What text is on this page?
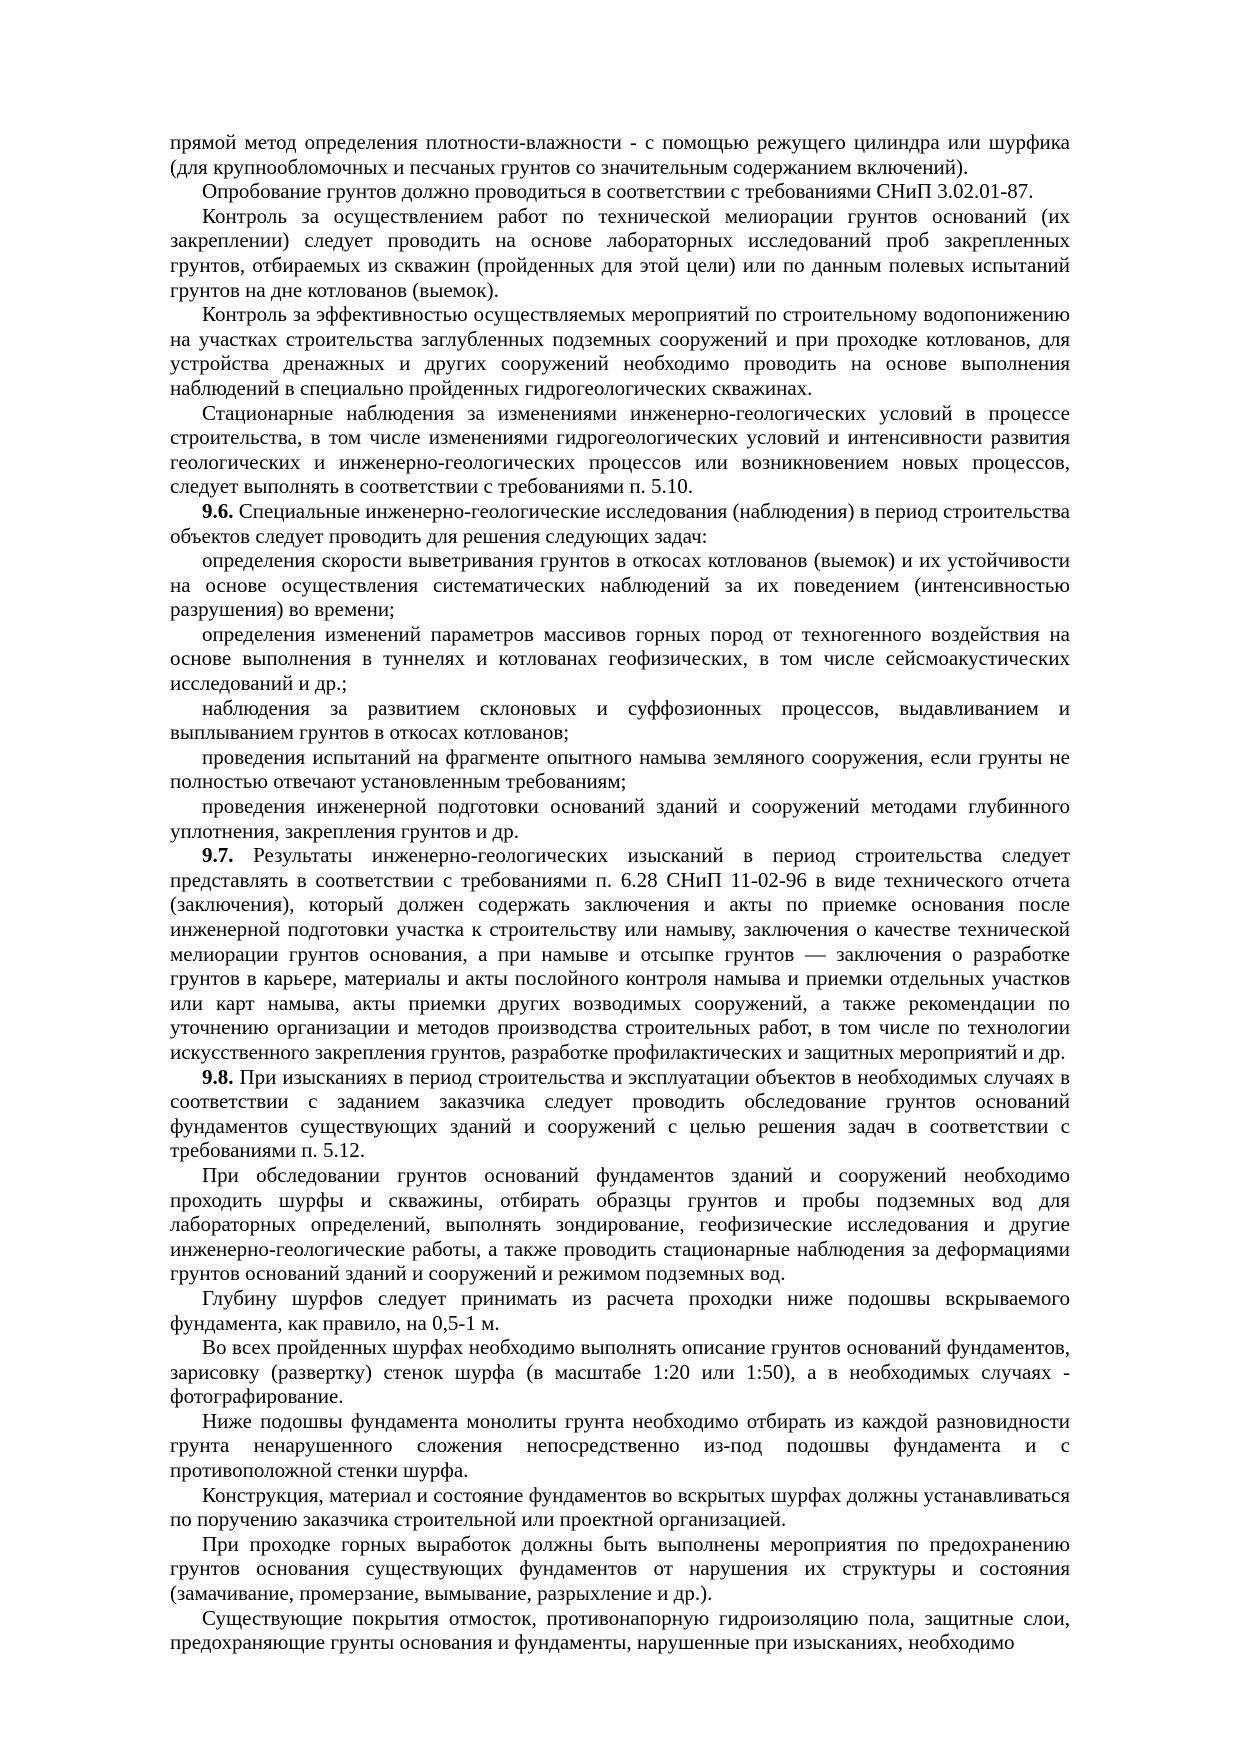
прямой метод определения плотности-влажности - с помощью режущего цилиндра или шурфика (для крупнообломочных и песчаных грунтов со значительным содержанием включений).

Опробование грунтов должно проводиться в соответствии с требованиями СНиП 3.02.01-87.

Контроль за осуществлением работ по технической мелиорации грунтов оснований (их закреплении) следует проводить на основе лабораторных исследований проб закрепленных грунтов, отбираемых из скважин (пройденных для этой цели) или по данным полевых испытаний грунтов на дне котлованов (выемок).

Контроль за эффективностью осуществляемых мероприятий по строительному водопонижению на участках строительства заглубленных подземных сооружений и при проходке котлованов, для устройства дренажных и других сооружений необходимо проводить на основе выполнения наблюдений в специально пройденных гидрогеологических скважинах.

Стационарные наблюдения за изменениями инженерно-геологических условий в процессе строительства, в том числе изменениями гидрогеологических условий и интенсивности развития геологических и инженерно-геологических процессов или возникновением новых процессов, следует выполнять в соответствии с требованиями п. 5.10.

9.6. Специальные инженерно-геологические исследования (наблюдения) в период строительства объектов следует проводить для решения следующих задач:

определения скорости выветривания грунтов в откосах котлованов (выемок) и их устойчивости на основе осуществления систематических наблюдений за их поведением (интенсивностью разрушения) во времени;

определения изменений параметров массивов горных пород от техногенного воздействия на основе выполнения в туннелях и котлованах геофизических, в том числе сейсмоакустических исследований и др.;

наблюдения за развитием склоновых и суффозионных процессов, выдавливанием и выплыванием грунтов в откосах котлованов;

проведения испытаний на фрагменте опытного намыва земляного сооружения, если грунты не полностью отвечают установленным требованиям;

проведения инженерной подготовки оснований зданий и сооружений методами глубинного уплотнения, закрепления грунтов и др.

9.7. Результаты инженерно-геологических изысканий в период строительства следует представлять в соответствии с требованиями п. 6.28 СНиП 11-02-96 в виде технического отчета (заключения), который должен содержать заключения и акты по приемке основания после инженерной подготовки участка к строительству или намыву, заключения о качестве технической мелиорации грунтов основания, а при намыве и отсыпке грунтов — заключения о разработке грунтов в карьере, материалы и акты послойного контроля намыва и приемки отдельных участков или карт намыва, акты приемки других возводимых сооружений, а также рекомендации по уточнению организации и методов производства строительных работ, в том числе по технологии искусственного закрепления грунтов, разработке профилактических и защитных мероприятий и др.

9.8. При изысканиях в период строительства и эксплуатации объектов в необходимых случаях в соответствии с заданием заказчика следует проводить обследование грунтов оснований фундаментов существующих зданий и сооружений с целью решения задач в соответствии с требованиями п. 5.12.

При обследовании грунтов оснований фундаментов зданий и сооружений необходимо проходить шурфы и скважины, отбирать образцы грунтов и пробы подземных вод для лабораторных определений, выполнять зондирование, геофизические исследования и другие инженерно-геологические работы, а также проводить стационарные наблюдения за деформациями грунтов оснований зданий и сооружений и режимом подземных вод.

Глубину шурфов следует принимать из расчета проходки ниже подошвы вскрываемого фундамента, как правило, на 0,5-1 м.

Во всех пройденных шурфах необходимо выполнять описание грунтов оснований фундаментов, зарисовку (развертку) стенок шурфа (в масштабе 1:20 или 1:50), а в необходимых случаях - фотографирование.

Ниже подошвы фундамента монолиты грунта необходимо отбирать из каждой разновидности грунта ненарушенного сложения непосредственно из-под подошвы фундамента и с противоположной стенки шурфа.

Конструкция, материал и состояние фундаментов во вскрытых шурфах должны устанавливаться по поручению заказчика строительной или проектной организацией.

При проходке горных выработок должны быть выполнены мероприятия по предохранению грунтов основания существующих фундаментов от нарушения их структуры и состояния (замачивание, промерзание, вымывание, разрыхление и др.).

Существующие покрытия отмосток, противонапорную гидроизоляцию пола, защитные слои, предохраняющие грунты основания и фундаменты, нарушенные при изысканиях, необходимо
